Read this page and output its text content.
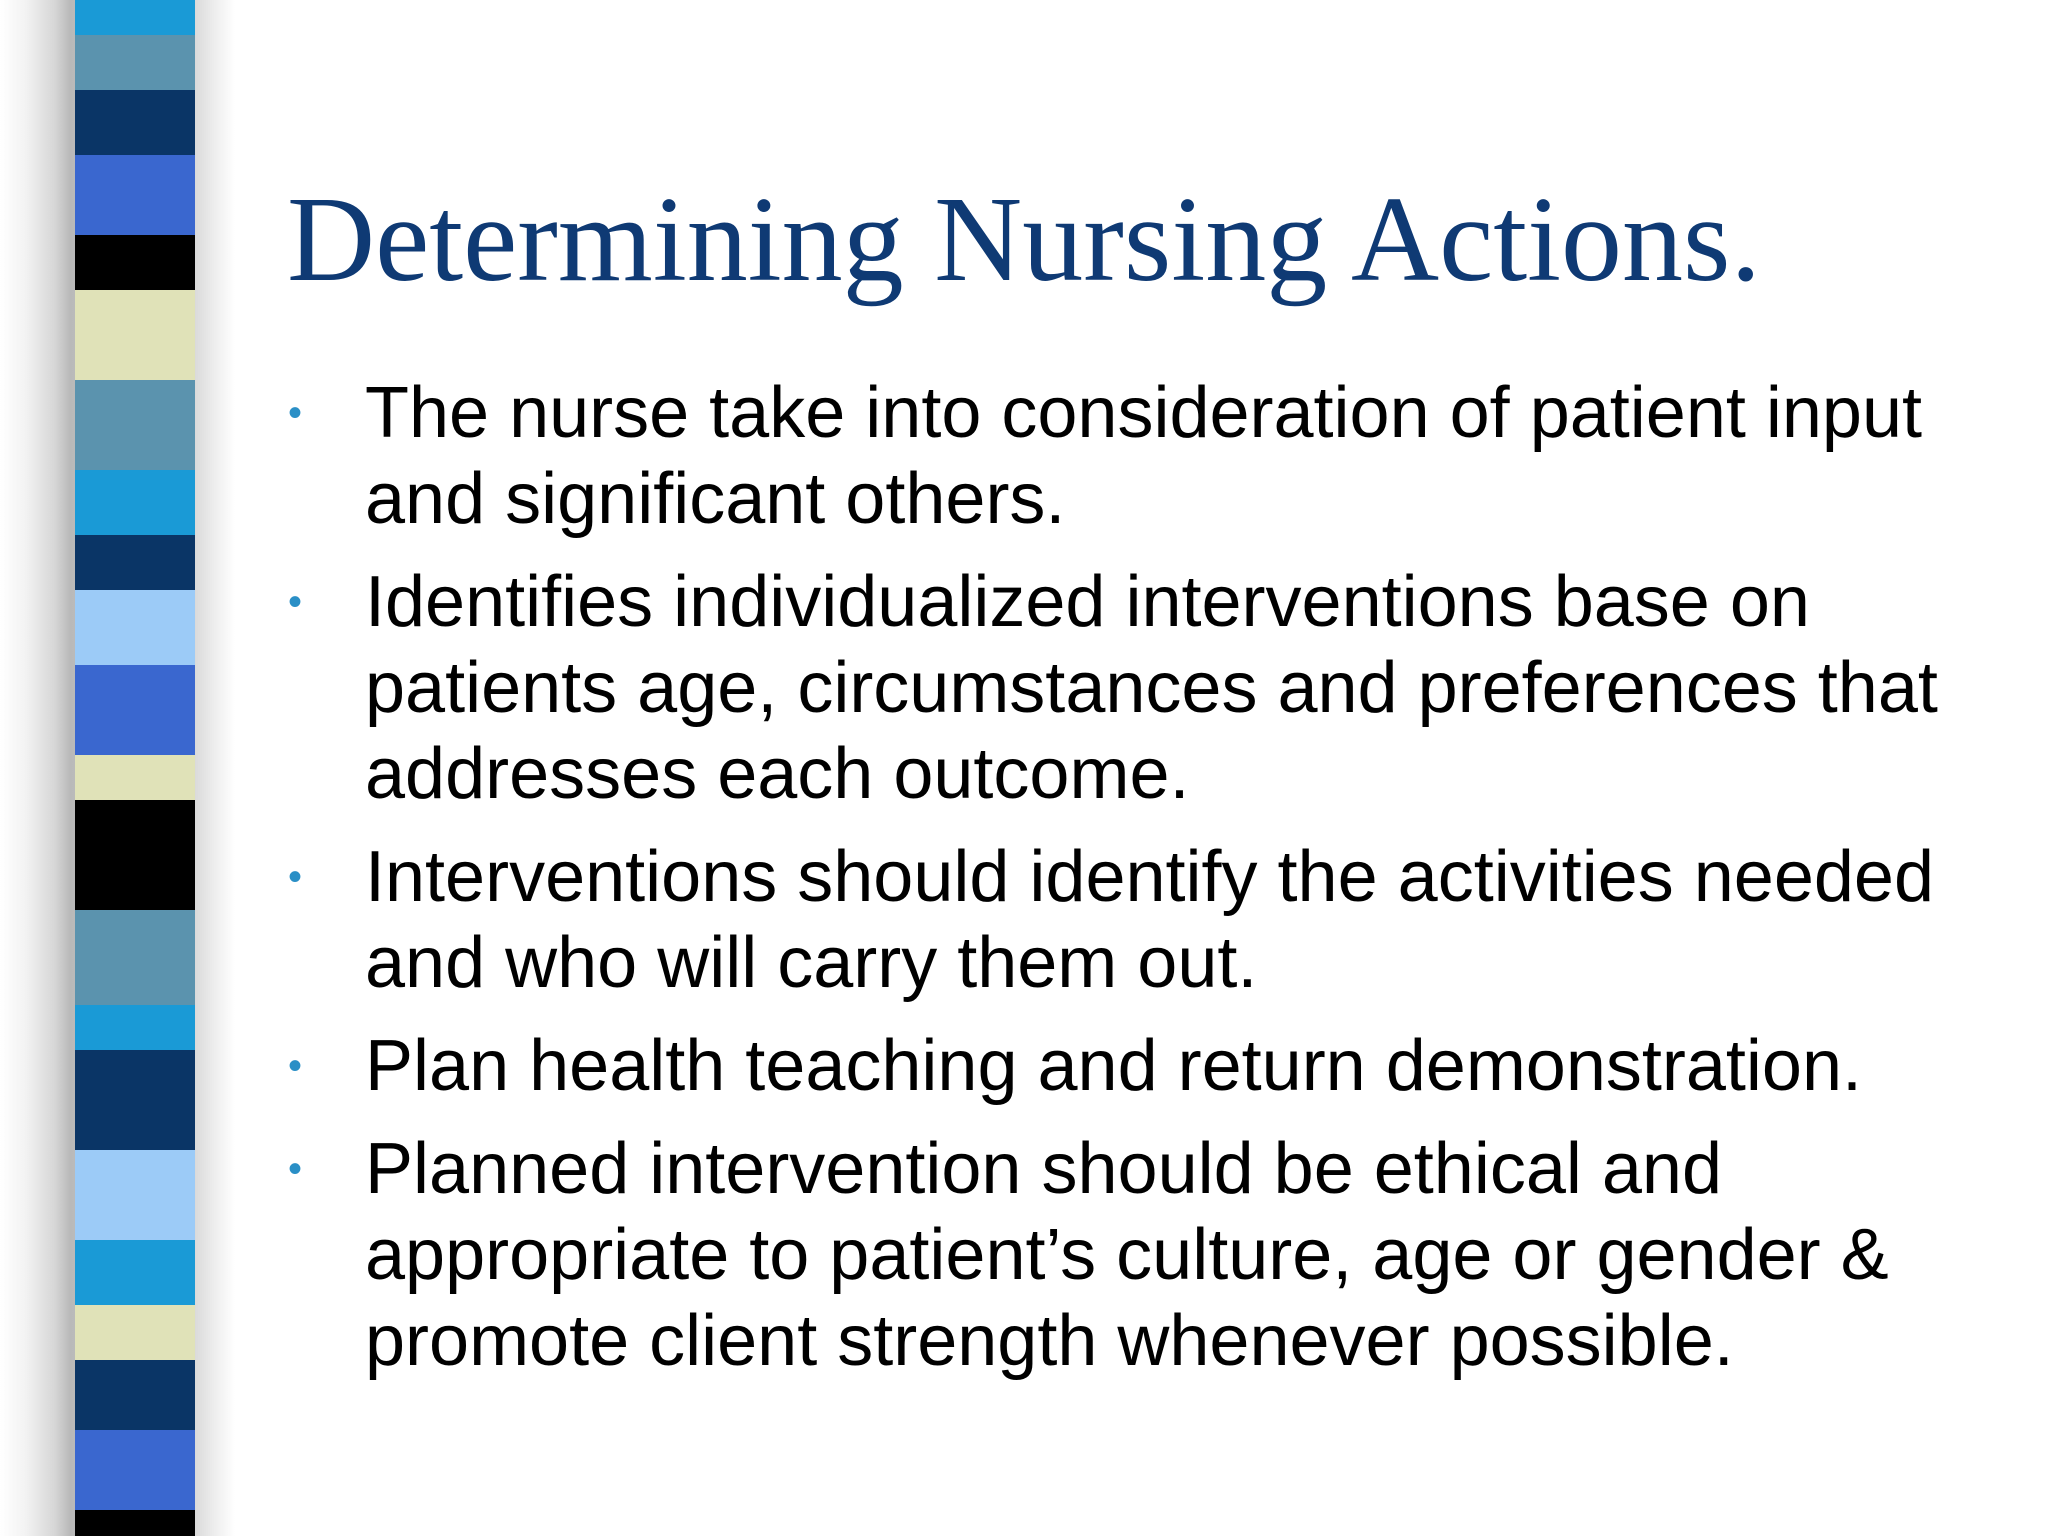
Determining Nursing Actions.
• The nurse take into consideration of patient input and significant others.
• Identifies individualized interventions base on patients age, circumstances and preferences that addresses each outcome.
• Interventions should identify the activities needed and who will carry them out.
• Plan health teaching and return demonstration.
• Planned intervention should be ethical and appropriate to patient’s culture, age or gender & promote client strength whenever possible.
